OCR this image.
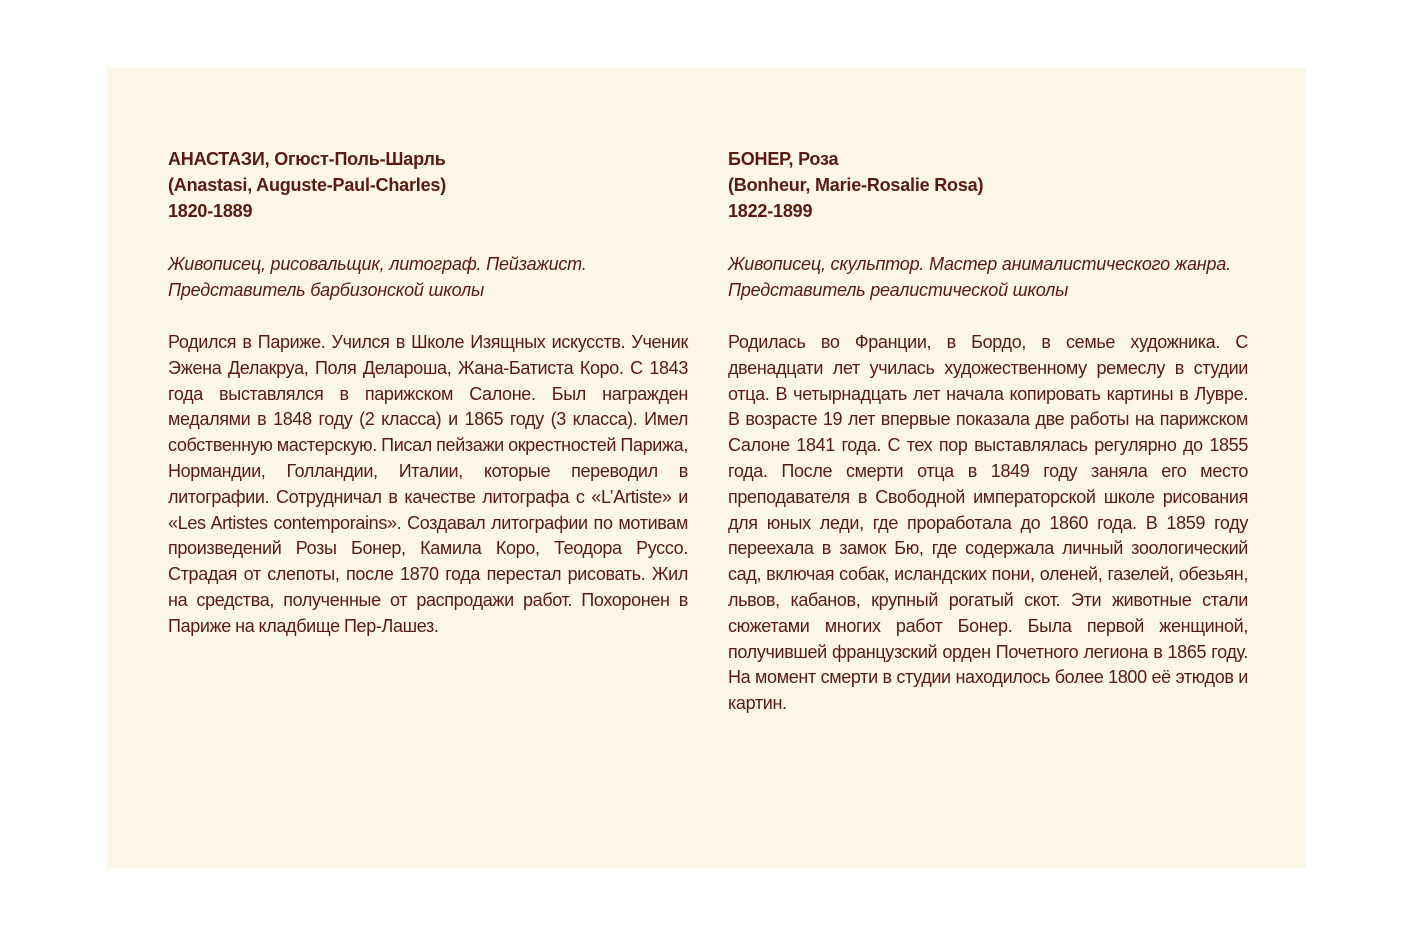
АНАСТАЗИ, Огюст-Поль-Шарль
(Anastasi, Auguste-Paul-Charles)
1820-1889

Живописец, рисовальщик, литограф. Пейзажист.
Представитель барбизонской школы

Родился в Париже. Учился в Школе Изящных искусств. Ученик Эжена Делакруа, Поля Делароша, Жана-Батиста Коро. С 1843 года выставлялся в парижском Салоне. Был награжден медалями в 1848 году (2 класса) и 1865 году (3 класса). Имел собственную мастерскую. Писал пейзажи окрестностей Парижа, Нормандии, Голландии, Италии, которые переводил в литографии. Сотрудничал в качестве литографа с «L’Artiste» и «Les Artistes contemporains». Создавал литографии по мотивам произведений Розы Бонер, Камила Коро, Теодора Руссо. Страдая от слепоты, после 1870 года перестал рисовать. Жил на средства, полученные от распродажи работ. Похоронен в Париже на кладбище Пер-Лашез.

БОНЕР, Роза
(Bonheur, Marie-Rosalie Rosa)
1822-1899

Живописец, скульптор. Мастер анималистического жанра.
Представитель реалистической школы

Родилась во Франции, в Бордо, в семье художника. С двенадцати лет училась художественному ремеслу в студии отца. В четырнадцать лет начала копировать картины в Лувре. В возрасте 19 лет впервые показала две работы на парижском Салоне 1841 года. С тех пор выставлялась регулярно до 1855 года. После смерти отца в 1849 году заняла его место преподавателя в Свободной императорской школе рисования для юных леди, где проработала до 1860 года. В 1859 году переехала в замок Бю, где содержала личный зоологический сад, включая собак, исландских пони, оленей, газелей, обезьян, львов, кабанов, крупный рогатый скот. Эти животные стали сюжетами многих работ Бонер. Была первой женщиной, получившей французский орден Почетного легиона в 1865 году. На момент смерти в студии находилось более 1800 её этюдов и картин.
